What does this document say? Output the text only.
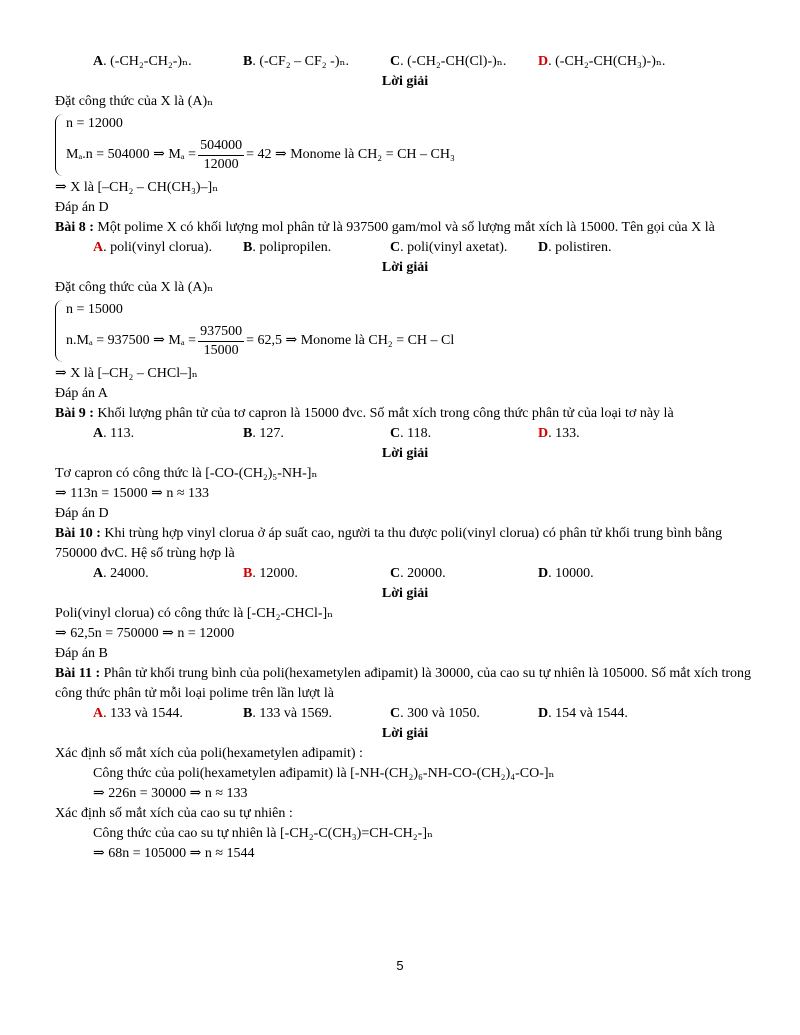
A. (-CH₂-CH₂-)ₙ.	B. (-CF₂ – CF₂ -)ₙ.	C. (-CH₂-CH(Cl)-)ₙ.	D. (-CH₂-CH(CH₃)-)ₙ.
Lời giải
Đặt công thức của X là (A)ₙ
n = 12000
Mₐ.n = 504000 ⇒ $M_a = \frac{504000}{12000} = 42$ ⇒ Monome là CH₂ = CH – CH₃
⇒ X là [–CH₂ – CH(CH₃)–]ₙ
Đáp án D
Bài 8 : Một polime X có khối lượng mol phân tử là 937500 gam/mol và số lượng mắt xích là 15000. Tên gọi của X là
A. poli(vinyl clorua).	B. polipropilen.	C. poli(vinyl axetat).	D. polistiren.
Lời giải
Đặt công thức của X là (A)ₙ
n = 15000
n.Mₐ = 937500 ⇒ $M_a = \frac{937500}{15000} = 62,5$ ⇒ Monome là CH₂ = CH – Cl
⇒ X là [–CH₂ – CHCl–]ₙ
Đáp án A
Bài 9 : Khối lượng phân tử của tơ capron là 15000 đvc. Số mắt xích trong công thức phân tử của loại tơ này là
A. 113.	B. 127.	C. 118.	D. 133.
Lời giải
Tơ capron có công thức là [-CO-(CH₂)₅-NH-]ₙ
⇒ 113n = 15000 ⇒ n ≈ 133
Đáp án D
Bài 10 : Khi trùng hợp vinyl clorua ở áp suất cao, người ta thu được poli(vinyl clorua) có phân tử khối trung bình bằng 750000 đvC. Hệ số trùng hợp là
A. 24000.	B. 12000.	C. 20000.	D. 10000.
Lời giải
Poli(vinyl clorua) có công thức là [-CH₂-CHCl-]ₙ
⇒ 62,5n = 750000 ⇒ n = 12000
Đáp án B
Bài 11 : Phân tử khối trung bình của poli(hexametylen ađipamit) là 30000, của cao su tự nhiên là 105000. Số mắt xích trong công thức phân tử mỗi loại polime trên lần lượt là
A. 133 và 1544.	B. 133 và 1569.	C. 300 và 1050.	D. 154 và 1544.
Lời giải
Xác định số mắt xích của poli(hexametylen ađipamit) :
Công thức của poli(hexametylen ađipamit) là [-NH-(CH₂)₆-NH-CO-(CH₂)₄-CO-]ₙ
⇒ 226n = 30000 ⇒ n ≈ 133
Xác định số mắt xích của cao su tự nhiên :
Công thức của cao su tự nhiên là [-CH₂-C(CH₃)=CH-CH₂-]ₙ
⇒ 68n = 105000 ⇒ n ≈ 1544
5
